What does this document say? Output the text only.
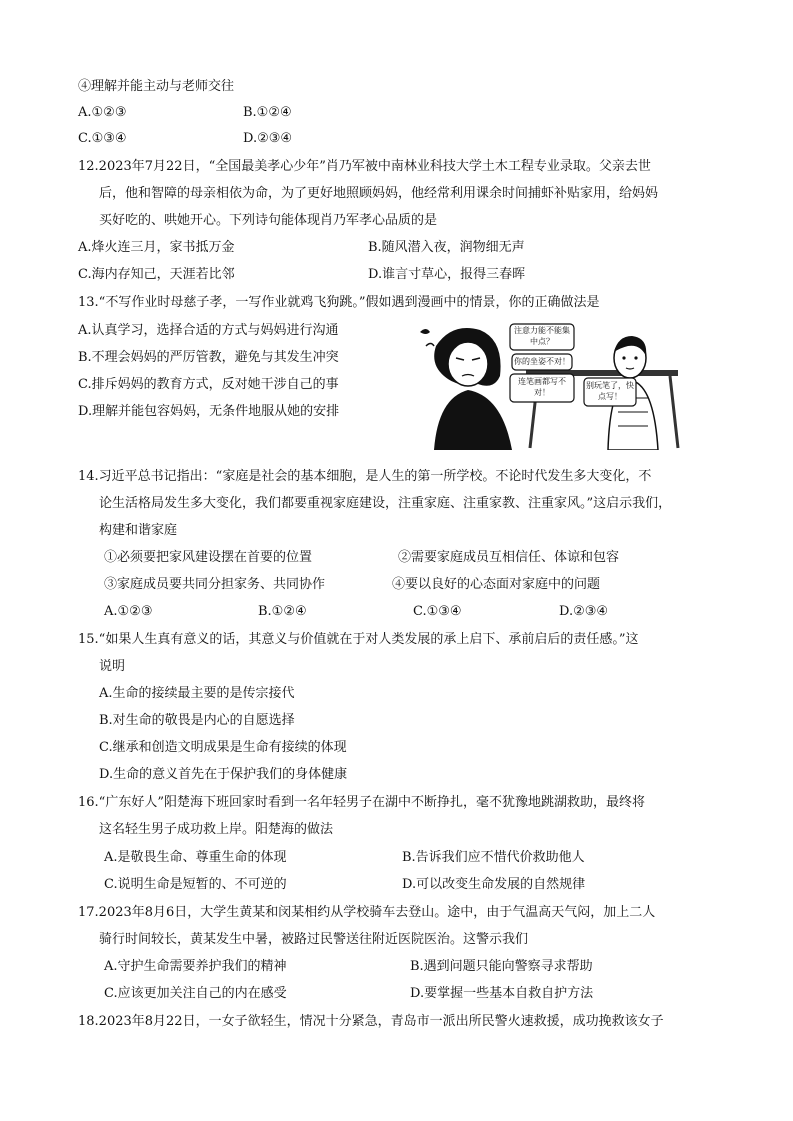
④理解并能主动与老师交往
A.①②③	B.①②④
C.①③④	D.②③④
12.2023年7月22日，“全国最美孝心少年”肖乃军被中南林业科技大学土木工程专业录取。父亲去世
后，他和智障的母亲相依为命，为了更好地照顾妈妈，他经常利用课余时间捕虾补贴家用，给妈妈
买好吃的、哄她开心。下列诗句能体现肖乃军孝心品质的是
A.烽火连三月，家书抵万金	B.随风潜入夜，润物细无声
C.海内存知己，天涯若比邻	D.谁言寸草心，报得三春晖
13.“不写作业时母慈子孝，一写作业就鸡飞狗跳。”假如遇到漫画中的情景，你的正确做法是
A.认真学习，选择合适的方式与妈妈进行沟通
B.不理会妈妈的严厉管教，避免与其发生冲突
C.排斥妈妈的教育方式，反对她干涉自己的事
D.理解并能包容妈妈，无条件地服从她的安排
注意力能不能集中点？
你的坐姿不对！
连笔画都写不对！
别玩笔了，快点写！
14.习近平总书记指出：“家庭是社会的基本细胞，是人生的第一所学校。不论时代发生多大变化，不
论生活格局发生多大变化，我们都要重视家庭建设，注重家庭、注重家教、注重家风。”这启示我们，
构建和谐家庭
①必须要把家风建设摆在首要的位置	②需要家庭成员互相信任、体谅和包容
③家庭成员要共同分担家务、共同协作	④要以良好的心态面对家庭中的问题
A.①②③	B.①②④	C.①③④	D.②③④
15.“如果人生真有意义的话，其意义与价值就在于对人类发展的承上启下、承前启后的责任感。”这
说明
A.生命的接续最主要的是传宗接代
B.对生命的敬畏是内心的自愿选择
C.继承和创造文明成果是生命有接续的体现
D.生命的意义首先在于保护我们的身体健康
16.“广东好人”阳楚海下班回家时看到一名年轻男子在湖中不断挣扎，毫不犹豫地跳湖救助，最终将
这名轻生男子成功救上岸。阳楚海的做法
A.是敬畏生命、尊重生命的体现	B.告诉我们应不惜代价救助他人
C.说明生命是短暂的、不可逆的	D.可以改变生命发展的自然规律
17.2023年8月6日，大学生黄某和闵某相约从学校骑车去登山。途中，由于气温高天气闷，加上二人
骑行时间较长，黄某发生中暑，被路过民警送往附近医院医治。这警示我们
A.守护生命需要养护我们的精神	B.遇到问题只能向警察寻求帮助
C.应该更加关注自己的内在感受	D.要掌握一些基本自救自护方法
18.2023年8月22日，一女子欲轻生，情况十分紧急，青岛市一派出所民警火速救援，成功挽救该女子
